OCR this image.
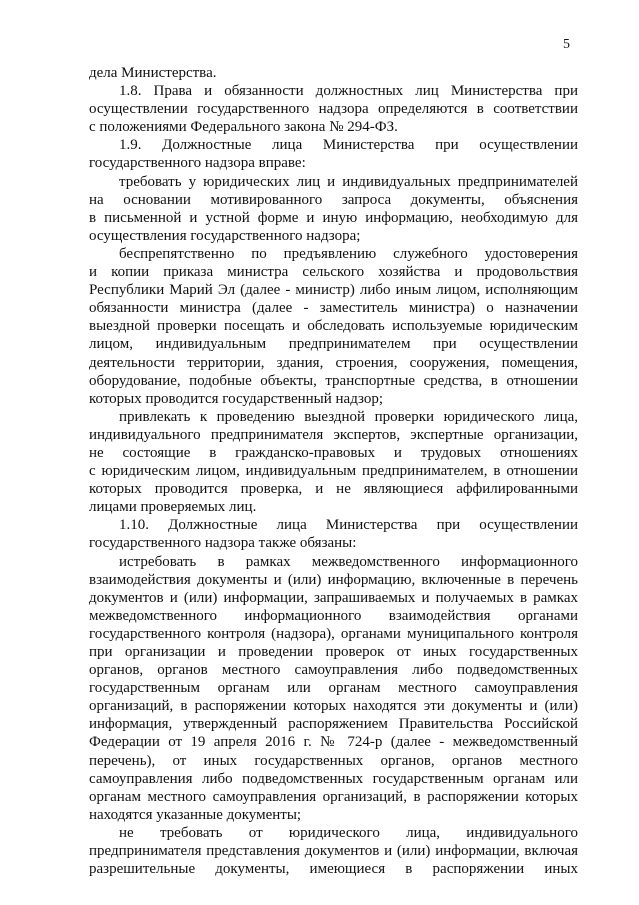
5
дела Министерства.
1.8. Права и обязанности должностных лиц Министерства при
осуществлении государственного надзора определяются в соответствии
с положениями Федерального закона № 294-ФЗ.
1.9. Должностные лица Министерства при осуществлении
государственного надзора вправе:
требовать у юридических лиц и индивидуальных предпринимателей
на основании мотивированного запроса документы, объяснения
в письменной и устной форме и иную информацию, необходимую для
осуществления государственного надзора;
беспрепятственно по предъявлению служебного удостоверения
и копии приказа министра сельского хозяйства и продовольствия
Республики Марий Эл (далее - министр) либо иным лицом, исполняющим
обязанности министра (далее - заместитель министра) о назначении
выездной проверки посещать и обследовать используемые юридическим
лицом, индивидуальным предпринимателем при осуществлении
деятельности территории, здания, строения, сооружения, помещения,
оборудование, подобные объекты, транспортные средства, в отношении
которых проводится государственный надзор;
привлекать к проведению выездной проверки юридического лица,
индивидуального предпринимателя экспертов, экспертные организации,
не состоящие в гражданско-правовых и трудовых отношениях
с юридическим лицом, индивидуальным предпринимателем, в отношении
которых проводится проверка, и не являющиеся аффилированными
лицами проверяемых лиц.
1.10. Должностные лица Министерства при осуществлении
государственного надзора также обязаны:
истребовать в рамках межведомственного информационного
взаимодействия документы и (или) информацию, включенные в перечень
документов и (или) информации, запрашиваемых и получаемых в рамках
межведомственного информационного взаимодействия органами
государственного контроля (надзора), органами муниципального контроля
при организации и проведении проверок от иных государственных
органов, органов местного самоуправления либо подведомственных
государственным органам или органам местного самоуправления
организаций, в распоряжении которых находятся эти документы и (или)
информация, утвержденный распоряжением Правительства Российской
Федерации от 19 апреля 2016 г. № 724-р (далее - межведомственный
перечень), от иных государственных органов, органов местного
самоуправления либо подведомственных государственным органам или
органам местного самоуправления организаций, в распоряжении которых
находятся указанные документы;
не требовать от юридического лица, индивидуального
предпринимателя представления документов и (или) информации, включая
разрешительные документы, имеющиеся в распоряжении иных
